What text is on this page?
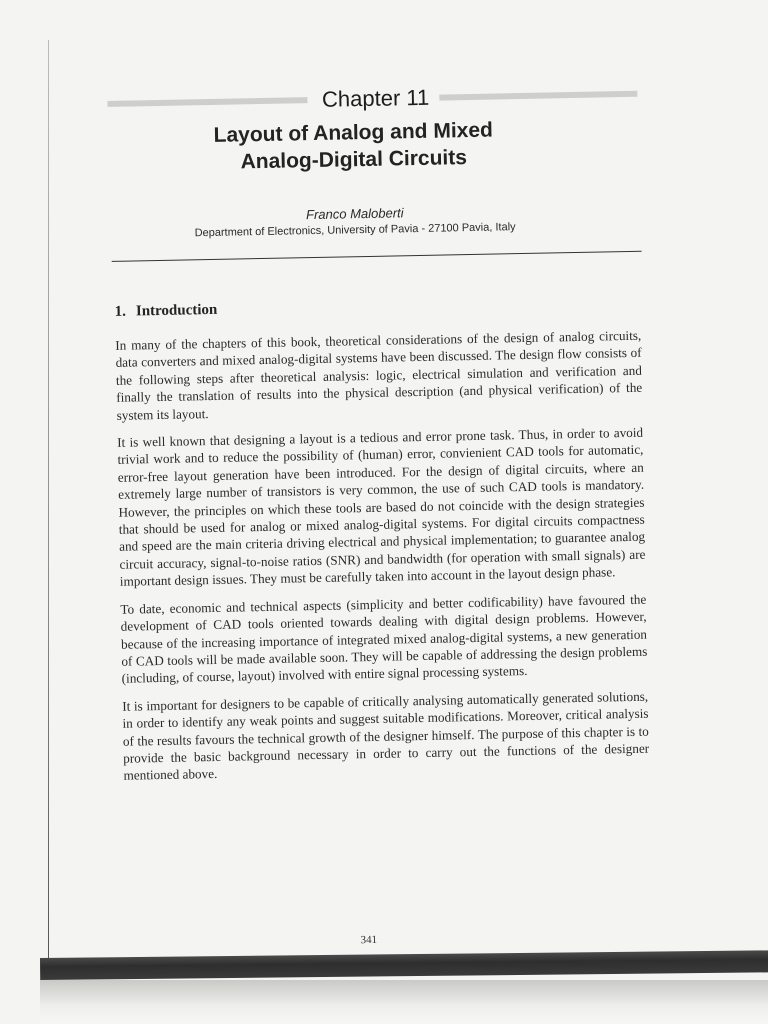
Chapter 11
Layout of Analog and Mixed
Analog-Digital Circuits
Franco Maloberti
Department of Electronics, University of Pavia - 27100 Pavia, Italy
1. Introduction

In many of the chapters of this book, theoretical considerations of the design of analog circuits, data converters and mixed analog-digital systems have been discussed. The design flow consists of the following steps after theoretical analysis: logic, electrical simulation and verification and finally the translation of results into the physical description (and physical verification) of the system its layout.

It is well known that designing a layout is a tedious and error prone task. Thus, in order to avoid trivial work and to reduce the possibility of (human) error, convienient CAD tools for automatic, error-free layout generation have been introduced. For the design of digital circuits, where an extremely large number of transistors is very common, the use of such CAD tools is mandatory. However, the principles on which these tools are based do not coincide with the design strategies that should be used for analog or mixed analog-digital systems. For digital circuits compactness and speed are the main criteria driving electrical and physical implementation; to guarantee analog circuit accuracy, signal-to-noise ratios (SNR) and bandwidth (for operation with small signals) are important design issues. They must be carefully taken into account in the layout design phase.

To date, economic and technical aspects (simplicity and better codificability) have favoured the development of CAD tools oriented towards dealing with digital design problems. However, because of the increasing importance of integrated mixed analog-digital systems, a new generation of CAD tools will be made available soon. They will be capable of addressing the design problems (including, of course, layout) involved with entire signal processing systems.

It is important for designers to be capable of critically analysing automatically generated solutions, in order to identify any weak points and suggest suitable modifications. Moreover, critical analysis of the results favours the technical growth of the designer himself. The purpose of this chapter is to provide the basic background necessary in order to carry out the functions of the designer mentioned above.

341
